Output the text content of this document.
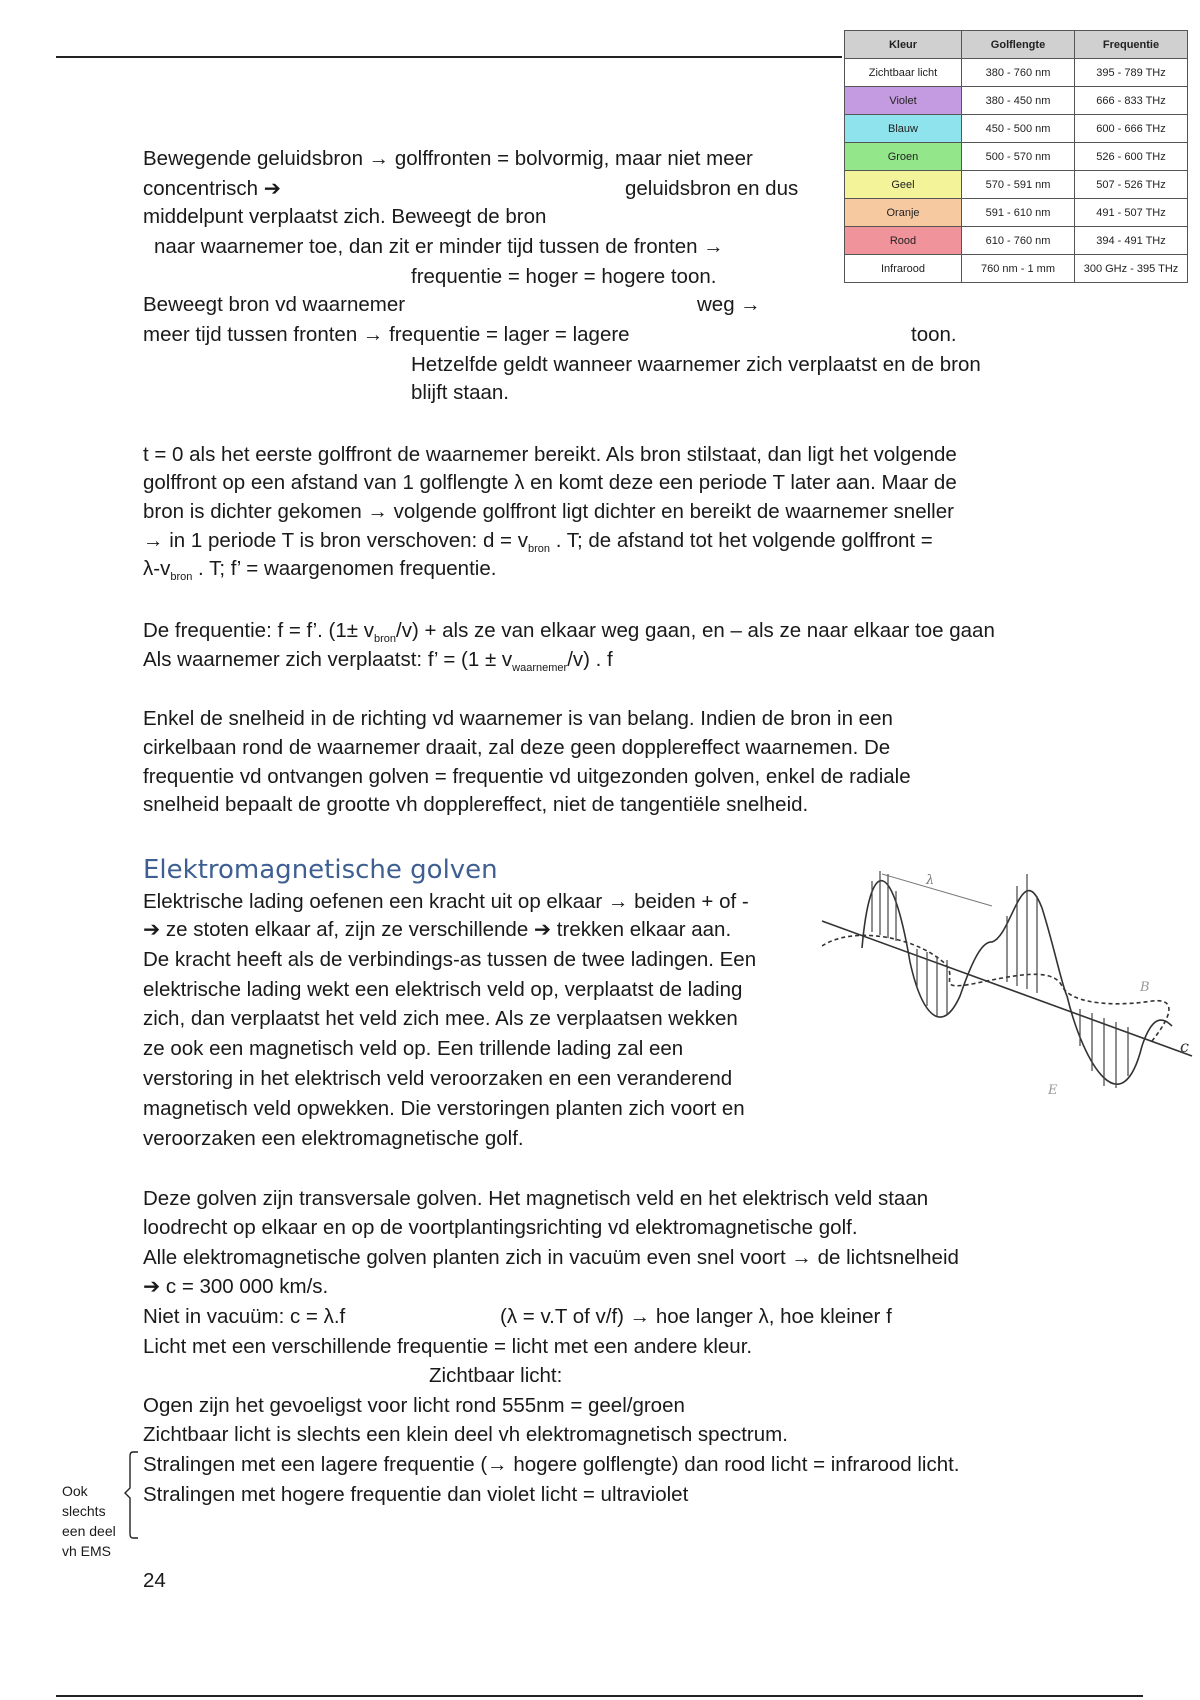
Kleur	Golflengte	Frequentie
Zichtbaar licht	380 - 760 nm	395 - 789 THz
Violet	380 - 450 nm	666 - 833 THz
Blauw	450 - 500 nm	600 - 666 THz
Groen	500 - 570 nm	526 - 600 THz
Geel	570 - 591 nm	507 - 526 THz
Oranje	591 - 610 nm	491 - 507 THz
Rood	610 - 760 nm	394 - 491 THz
Infrarood	760 nm - 1 mm	300 GHz - 395 THz
Bewegende geluidsbron → golffronten = bolvormig, maar niet meer
concentrisch ➔	geluidsbron en dus
middelpunt verplaatst zich. Beweegt de bron
naar waarnemer toe, dan zit er minder tijd tussen de fronten →
frequentie = hoger = hogere toon.
Beweegt bron vd waarnemer	weg →
meer tijd tussen fronten → frequentie = lager = lagere	toon.
Hetzelfde geldt wanneer waarnemer zich verplaatst en de bron
blijft staan.
t = 0 als het eerste golffront de waarnemer bereikt. Als bron stilstaat, dan ligt het volgende
golffront op een afstand van 1 golflengte λ en komt deze een periode T later aan. Maar de
bron is dichter gekomen → volgende golffront ligt dichter en bereikt de waarnemer sneller
→ in 1 periode T is bron verschoven: $d = v_{bron}$ . T; de afstand tot het volgende golffront =
$\lambda-v_{bron}$ . T; f’ = waargenomen frequentie.
De frequentie: f = f’. $(1\pm v_{bron}/v)$ + als ze van elkaar weg gaan, en – als ze naar elkaar toe gaan
Als waarnemer zich verplaatst: f’ = $(1 \pm v_{waarnemer}/v)$ . f
Enkel de snelheid in de richting vd waarnemer is van belang. Indien de bron in een
cirkelbaan rond de waarnemer draait, zal deze geen dopplereffect waarnemen. De
frequentie vd ontvangen golven = frequentie vd uitgezonden golven, enkel de radiale
snelheid bepaalt de grootte vh dopplereffect, niet de tangentiële snelheid.
Elektromagnetische golven
Elektrische lading oefenen een kracht uit op elkaar → beiden + of -
➔ ze stoten elkaar af, zijn ze verschillende ➔ trekken elkaar aan.
De kracht heeft als de verbindings-as tussen de twee ladingen. Een
elektrische lading wekt een elektrisch veld op, verplaatst de lading
zich, dan verplaatst het veld zich mee. Als ze verplaatsen wekken
ze ook een magnetisch veld op. Een trillende lading zal een
verstoring in het elektrisch veld veroorzaken en een veranderend
magnetisch veld opwekken. Die verstoringen planten zich voort en
veroorzaken een elektromagnetische golf.
λ
B
E
c
Deze golven zijn transversale golven. Het magnetisch veld en het elektrisch veld staan
loodrecht op elkaar en op de voortplantingsrichting vd elektromagnetische golf.
Alle elektromagnetische golven planten zich in vacuüm even snel voort → de lichtsnelheid
➔ c = 300 000 km/s.
Niet in vacuüm: c = λ.f	(λ = v.T of v/f) → hoe langer λ, hoe kleiner f
Licht met een verschillende frequentie = licht met een andere kleur.
Zichtbaar licht:
Ogen zijn het gevoeligst voor licht rond 555nm = geel/groen
Zichtbaar licht is slechts een klein deel vh elektromagnetisch spectrum.
Stralingen met een lagere frequentie (→ hogere golflengte) dan rood licht = infrarood licht.
Stralingen met hogere frequentie dan violet licht = ultraviolet
Ook
slechts
een deel
vh EMS
24
